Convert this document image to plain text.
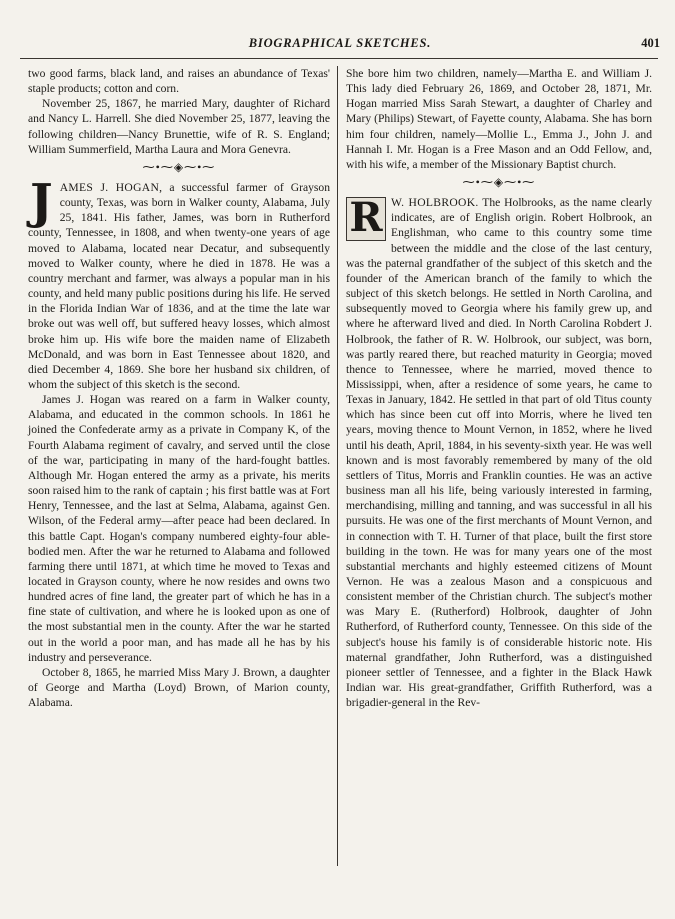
BIOGRAPHICAL SKETCHES.	401

two good farms, black land, and raises an abundance of Texas' staple products; cotton and corn.

November 25, 1867, he married Mary, daughter of Richard and Nancy L. Harrell. She died November 25, 1877, leaving the following children—Nancy Brunettie, wife of R. S. England; William Summerfield, Martha Laura and Mora Genevra.

⁓•⁓◈⁓•⁓

JAMES J. HOGAN, a successful farmer of Grayson county, Texas, was born in Walker county, Alabama, July 25, 1841. His father, James, was born in Rutherford county, Tennessee, in 1808, and when twenty-one years of age moved to Alabama, located near Decatur, and subsequently moved to Walker county, where he died in 1878. He was a country merchant and farmer, was always a popular man in his county, and held many public positions during his life. He served in the Florida Indian War of 1836, and at the time the late war broke out was well off, but suffered heavy losses, which almost broke him up. His wife bore the maiden name of Elizabeth McDonald, and was born in East Tennessee about 1820, and died December 4, 1869. She bore her husband six children, of whom the subject of this sketch is the second.

James J. Hogan was reared on a farm in Walker county, Alabama, and educated in the common schools. In 1861 he joined the Confederate army as a private in Company K, of the Fourth Alabama regiment of cavalry, and served until the close of the war, participating in many of the hard-fought battles. Although Mr. Hogan entered the army as a private, his merits soon raised him to the rank of captain ; his first battle was at Fort Henry, Tennessee, and the last at Selma, Alabama, against Gen. Wilson, of the Federal army—after peace had been declared. In this battle Capt. Hogan's company numbered eighty-four able-bodied men. After the war he returned to Alabama and followed farming there until 1871, at which time he moved to Texas and located in Grayson county, where he now resides and owns two hundred acres of fine land, the greater part of which he has in a fine state of cultivation, and where he is looked upon as one of the most substantial men in the county. After the war he started out in the world a poor man, and has made all he has by his industry and perseverance.

October 8, 1865, he married Miss Mary J. Brown, a daughter of George and Martha (Loyd) Brown, of Marion county, Alabama.

She bore him two children, namely—Martha E. and William J. This lady died February 26, 1869, and October 28, 1871, Mr. Hogan married Miss Sarah Stewart, a daughter of Charley and Mary (Philips) Stewart, of Fayette county, Alabama. She has born him four children, namely—Mollie L., Emma J., John J. and Hannah I. Mr. Hogan is a Free Mason and an Odd Fellow, and, with his wife, a member of the Missionary Baptist church.

⁓•⁓◈⁓•⁓

R W. HOLBROOK. The Holbrooks, as the name clearly indicates, are of English origin. Robert Holbrook, an Englishman, who came to this country some time between the middle and the close of the last century, was the paternal grandfather of the subject of this sketch and the founder of the American branch of the family to which the subject of this sketch belongs. He settled in North Carolina, and subsequently moved to Georgia where his family grew up, and where he afterward lived and died. In North Carolina Robdert J. Holbrook, the father of R. W. Holbrook, our subject, was born, was partly reared there, but reached maturity in Georgia; moved thence to Tennessee, where he married, moved thence to Mississippi, when, after a residence of some years, he came to Texas in January, 1842. He settled in that part of old Titus county which has since been cut off into Morris, where he lived ten years, moving thence to Mount Vernon, in 1852, where he lived until his death, April, 1884, in his seventy-sixth year. He was well known and is most favorably remembered by many of the old settlers of Titus, Morris and Franklin counties. He was an active business man all his life, being variously interested in farming, merchandising, milling and tanning, and was successful in all his pursuits. He was one of the first merchants of Mount Vernon, and in connection with T. H. Turner of that place, built the first store building in the town. He was for many years one of the most substantial merchants and highly esteemed citizens of Mount Vernon. He was a zealous Mason and a conspicuous and consistent member of the Christian church. The subject's mother was Mary E. (Rutherford) Holbrook, daughter of John Rutherford, of Rutherford county, Tennessee. On this side of the subject's house his family is of considerable historic note. His maternal grandfather, John Rutherford, was a distinguished pioneer settler of Tennessee, and a fighter in the Black Hawk Indian war. His great-grandfather, Griffith Rutherford, was a brigadier-general in the Rev-
